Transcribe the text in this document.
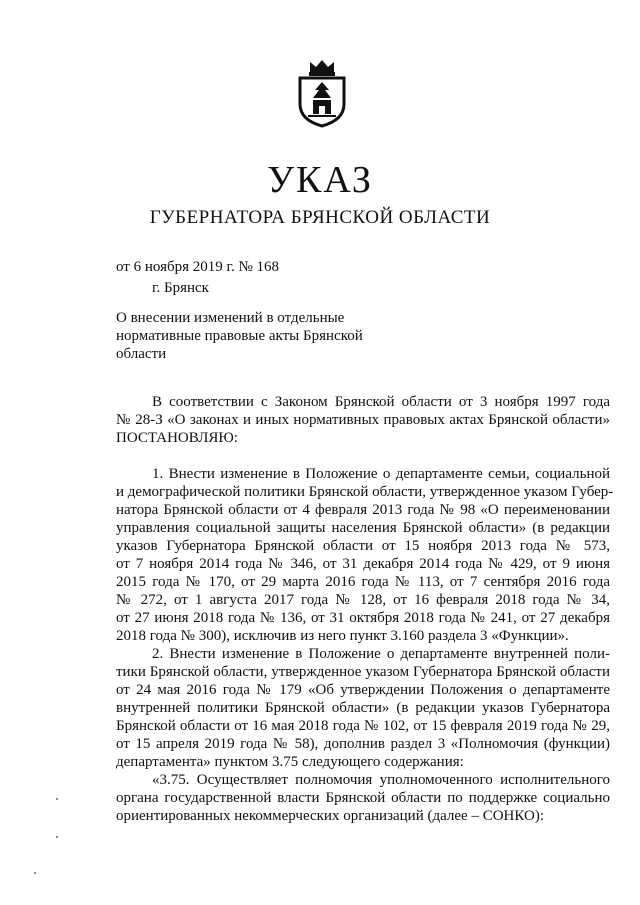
УКАЗ
ГУБЕРНАТОРА БРЯНСКОЙ ОБЛАСТИ
от 6 ноября 2019 г. № 168
г. Брянск
О внесении изменений в отдельные
нормативные правовые акты Брянской
области
В соответствии с Законом Брянской области от 3 ноября 1997 года
№ 28-З «О законах и иных нормативных правовых актах Брянской области»
ПОСТАНОВЛЯЮ:
1. Внести изменение в Положение о департаменте семьи, социальной
и демографической политики Брянской области, утвержденное указом Губер-
натора Брянской области от 4 февраля 2013 года № 98 «О переименовании
управления социальной защиты населения Брянской области» (в редакции
указов Губернатора Брянской области от 15 ноября 2013 года № 573,
от 7 ноября 2014 года № 346, от 31 декабря 2014 года № 429, от 9 июня
2015 года № 170, от 29 марта 2016 года № 113, от 7 сентября 2016 года
№ 272, от 1 августа 2017 года № 128, от 16 февраля 2018 года № 34,
от 27 июня 2018 года № 136, от 31 октября 2018 года № 241, от 27 декабря
2018 года № 300), исключив из него пункт 3.160 раздела 3 «Функции».
2. Внести изменение в Положение о департаменте внутренней поли-
тики Брянской области, утвержденное указом Губернатора Брянской области
от 24 мая 2016 года № 179 «Об утверждении Положения о департаменте
внутренней политики Брянской области» (в редакции указов Губернатора
Брянской области от 16 мая 2018 года № 102, от 15 февраля 2019 года № 29,
от 15 апреля 2019 года № 58), дополнив раздел 3 «Полномочия (функции)
департамента» пунктом 3.75 следующего содержания:
«3.75. Осуществляет полномочия уполномоченного исполнительного
органа государственной власти Брянской области по поддержке социально
ориентированных некоммерческих организаций (далее – СОНКО):
